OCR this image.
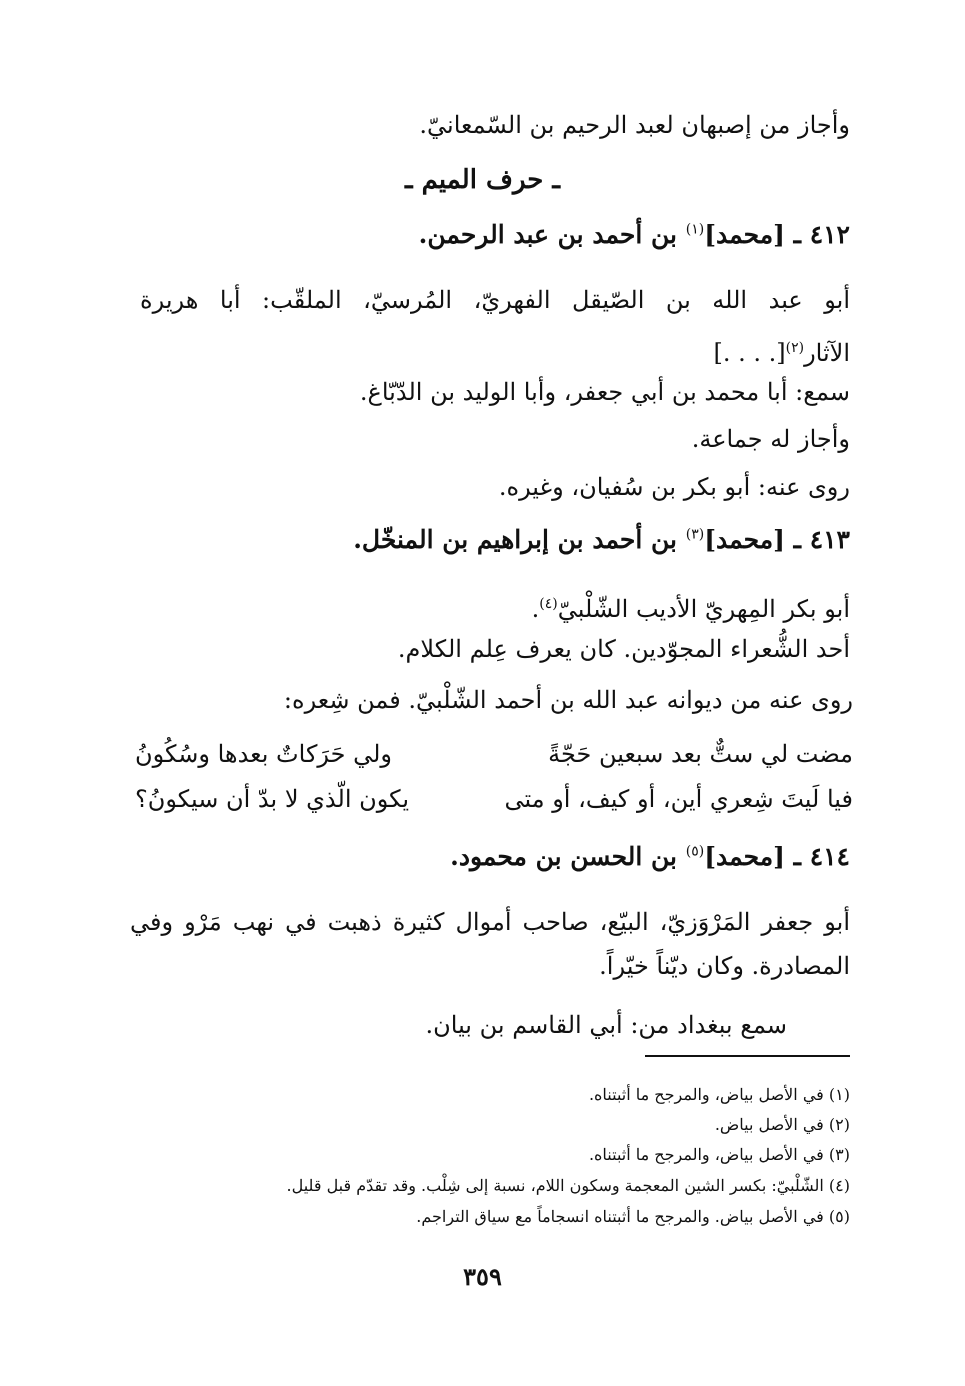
وأجاز من إصبهان لعبد الرحيم بن السّمعانيّ.
ـ حرف الميم ـ
٤١٢ ـ [محمد]$^{(١)}$ بن أحمد بن عبد الرحمن.
أبو عبد الله بن الصّيقل الفهريّ، المُرسيّ، الملقّب: أبا هريرة
الآثار$^{(٢)}$[. . . .]
سمع: أبا محمد بن أبي جعفر، وأبا الوليد بن الدّبّاغ.
وأجاز له جماعة.
روى عنه: أبو بكر بن سُفيان، وغيره.
٤١٣ ـ [محمد]$^{(٣)}$ بن أحمد بن إبراهيم بن المنخّل.
أبو بكر المِهريّ الأديب الشّلْبيّ$^{(٤)}$.
أحد الشُّعراء المجوّدين. كان يعرف عِلم الكلام.
روى عنه من ديوانه عبد الله بن أحمد الشّلْبيّ. فمن شِعره:
مضت لي ستٌّ بعد سبعين حَجّةً
ولي حَرَكاتٌ بعدها وسُكُونُ
فيا لَيتَ شِعري أين، أو كيف، أو متى
يكون الّذي لا بدّ أن سيكونُ؟
٤١٤ ـ [محمد]$^{(٥)}$ بن الحسن بن محمود.
أبو جعفر المَرْوَزيّ، البيّع، صاحب أموال كثيرة ذهبت في نهب مَرْو وفي المصادرة. وكان ديّناً خيّراً.
سمع ببغداد من: أبي القاسم بن بيان.
(١) في الأصل بياض، والمرجح ما أثبتناه.
(٢) في الأصل بياض.
(٣) في الأصل بياض، والمرجح ما أثبتناه.
(٤) الشّلْبيّ: بكسر الشين المعجمة وسكون اللام، نسبة إلى شِلْب. وقد تقدّم قبل قليل.
(٥) في الأصل بياض. والمرجح ما أثبتناه انسجاماً مع سياق التراجم.
٣٥٩
